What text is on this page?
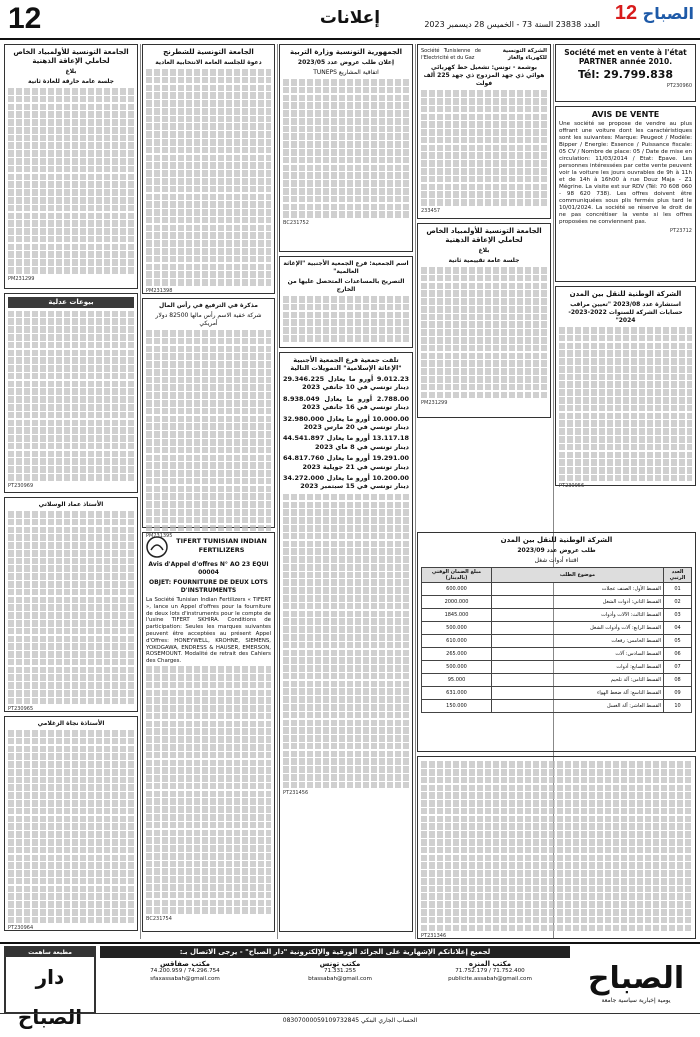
12	إعلانات	الصباح 12
العدد 23838 السنة 73 - الخميس 28 ديسمبر 2023
Société met en vente à l'état PARTNER année 2010.
Tél: 29.799.838
PT230960
AVIS DE VENTE
Une société se propose de vendre au plus offrant une voiture dont les caractéristiques sont les suivantes: Marque: Peugeot / Modèle: Bipper / Energie: Essence / Puissance fiscale: 05 CV / Nombre de place: 05 / Date de mise en circulation: 11/03/2014 / Etat: Epave. Les personnes intéressées par cette vente peuvent voir la voiture les jours ouvrables de 9h à 11h et de 14h à 16h00 à rue Douz Maja - Z1 Mégrine. La visite est sur RDV (Tél: 70 608 060 - 98 620 738). Les offres doivent être communiquées sous plis fermés plus tard le 10/01/2024. La société se réserve le droit de ne pas concrétiser la vente si les offres proposées ne conviennent pas.
PT23712
الشركة الوطنية للنقل بين المدن
استشارة عدد 2023/08 "تعيين مراقب حسابات الشركة للسنوات 2022-2023-2024"
PT230956
Société Tunisienne de l'Electricité et du Gaz
الشركة التونسية للكهرباء والغاز
بوشمة - تونس: تشغيل خط كهربائي هوائي ذي جهد المزدوج ذي جهد 225 ألف فولت
233457
الجامعة التونسية للأولمبياد الخاص لحاملي الإعاقة الذهنية
بلاغ
جلسة عامة تقييمية ثانية
PM231299
الشركة الوطنية للنقل بين المدن
طلب عروض عدد 2023/09
اقتناء أدوات شغل
العدد الرتبي	موضوع الطلب	مبلغ الضمان الوقتي (بالدينار)
01	القسط الأول: الصنف عجلات	600.000
02	القسط الثاني: أدوات الشغل	2000.000
03	القسط الثالث: الآلات وأدوات	1845.000
04	القسط الرابع: آلات وأدوات الشغل	500.000
05	القسط الخامس: رفعات	610.000
06	القسط السادس: آلات	265.000
07	القسط السابع: أدوات	500.000
08	القسط الثامن: آلة تلحيم	95.000
09	القسط التاسع: آلة ضغط الهواء	631.000
10	القسط العاشر: آلة الغسل	150.000
PT231346
الجمهورية التونسية وزارة التربية
إعلان طلب عروض عدد 2023/05
اتفاقية المشاريع TUNEPS
BC231752
اسم الجمعية: فرع الجمعية الأجنبية "الإغاثة العالمية"
التصريح بالمساعدات المتحصل عليها من الخارج
تلقت جمعية فرع الجمعية الأجنبية "الإغاثة الإسلامية" التمويلات التالية
9.012.23 أورو ما يعادل 29.346.225 دينار تونسي في 10 جانفي 2023
2.788.00 أورو ما يعادل 8.938.049 دينار تونسي في 16 جانفي 2023
10.000.00 أورو ما يعادل 32.980.000 دينار تونسي في 20 مارس 2023
13.117.18 أورو ما يعادل 44.541.897 دينار تونسي في 8 ماي 2023
19.291.00 أورو ما يعادل 64.817.760 دينار تونسي في 21 جويلية 2023
10.200.00 أورو ما يعادل 34.272.000 دينار تونسي في 15 سبتمبر 2023
PT231456
الجامعة التونسية للشطرنج
دعوة للجلسة العامة الانتخابية العادية
PM231398
مذكرة في الترفيع في رأس المال
شركة خفية الاسم رأس مالها 82500 دولار أمريكي
PM231395
TIFERT TUNISIAN INDIAN FERTILIZERS
Avis d'Appel d'offres N° AO 23 EQUI 00004
OBJET: FOURNITURE DE DEUX LOTS D'INSTRUMENTS
La Société Tunisian Indian Fertilizers « TIFERT », lance un Appel d'offres pour la fourniture de deux lots d'instruments pour le compte de l'usine TIFERT SKHIRA. Conditions de participation: Seules les marques suivantes peuvent être acceptées au présent Appel d'Offres: HONEYWELL, KROHNE, SIEMENS, YOKOGAWA, ENDRESS & HAUSER, EMERSON, ROSEMOUNT. Modalité de retrait des Cahiers des Charges.
BC231754
الجامعة التونسية للأولمبياد الخاص لحاملي الإعاقة الذهنية
بلاغ
جلسة عامة خارقة للعادة ثانية
PM231299
بيوعات عدلية
PT230969
الأستاذ عماد الوسلاتي
PT230965
الأستاذة نجاة الزغلامي
PT230964
لجميع إعلاناتكم الإشهارية على الجرائد الورقية والإلكترونية "دار الصباح" - يرجى الاتصال بـ:
الصباح
يومية إخبارية سياسية جامعة
مكتب المنزه
71.752.400 / 71.752.179
publicite.assabah@gmail.com
مكتب تونس
71.331.255
btassabah@gmail.com
مكتب صفاقس
74.296.754 / 74.200.959
sfaxassabah@gmail.com
مطبعة ساهمت
دار الصباح	الحساب الجاري البنكي 08307000059109732845
